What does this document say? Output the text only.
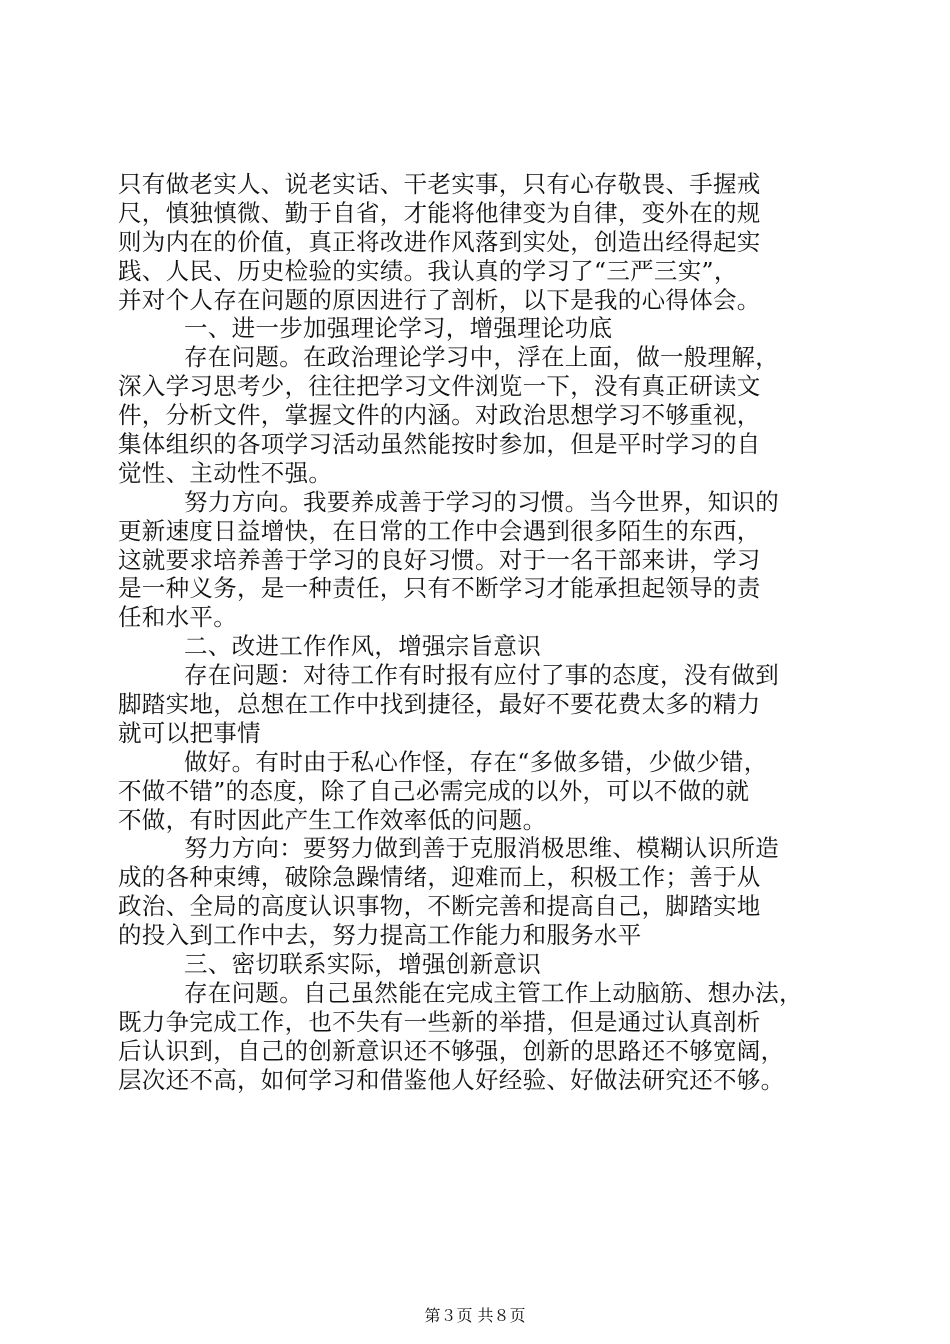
只有做老实人、说老实话、干老实事，只有心存敬畏、手握戒
尺，慎独慎微、勤于自省，才能将他律变为自律，变外在的规
则为内在的价值，真正将改进作风落到实处，创造出经得起实
践、人民、历史检验的实绩。我认真的学习了“三严三实”，
并对个人存在问题的原因进行了剖析，以下是我的心得体会。
一、进一步加强理论学习，增强理论功底
存在问题。在政治理论学习中，浮在上面，做一般理解，
深入学习思考少，往往把学习文件浏览一下，没有真正研读文
件，分析文件，掌握文件的内涵。对政治思想学习不够重视，
集体组织的各项学习活动虽然能按时参加，但是平时学习的自
觉性、主动性不强。
努力方向。我要养成善于学习的习惯。当今世界，知识的
更新速度日益增快，在日常的工作中会遇到很多陌生的东西，
这就要求培养善于学习的良好习惯。对于一名干部来讲，学习
是一种义务，是一种责任，只有不断学习才能承担起领导的责
任和水平。
二、改进工作作风，增强宗旨意识
存在问题：对待工作有时报有应付了事的态度，没有做到
脚踏实地，总想在工作中找到捷径，最好不要花费太多的精力
就可以把事情
做好。有时由于私心作怪，存在“多做多错，少做少错，
不做不错”的态度，除了自己必需完成的以外，可以不做的就
不做，有时因此产生工作效率低的问题。
努力方向：要努力做到善于克服消极思维、模糊认识所造
成的各种束缚，破除急躁情绪，迎难而上，积极工作；善于从
政治、全局的高度认识事物，不断完善和提高自己，脚踏实地
的投入到工作中去，努力提高工作能力和服务水平
三、密切联系实际，增强创新意识
存在问题。自己虽然能在完成主管工作上动脑筋、想办法，
既力争完成工作，也不失有一些新的举措，但是通过认真剖析
后认识到，自己的创新意识还不够强，创新的思路还不够宽阔，
层次还不高，如何学习和借鉴他人好经验、好做法研究还不够。
第３页 共８页
